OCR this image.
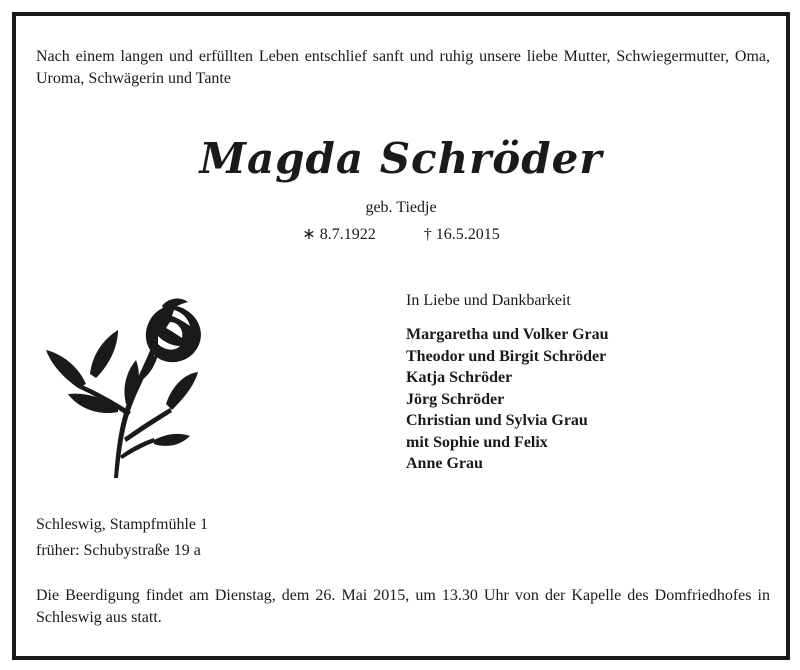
Nach einem langen und erfüllten Leben entschlief sanft und ruhig unsere liebe Mutter, Schwiegermutter, Oma, Uroma, Schwägerin und Tante
Magda Schröder
geb. Tiedje
∗ 8.7.1922	† 16.5.2015
In Liebe und Dankbarkeit
Margaretha und Volker Grau
Theodor und Birgit Schröder
Katja Schröder
Jörg Schröder
Christian und Sylvia Grau
mit Sophie und Felix
Anne Grau
Schleswig, Stampfmühle 1
früher: Schubystraße 19 a
Die Beerdigung findet am Dienstag, dem 26. Mai 2015, um 13.30 Uhr von der Kapelle des Domfriedhofes in Schleswig aus statt.
